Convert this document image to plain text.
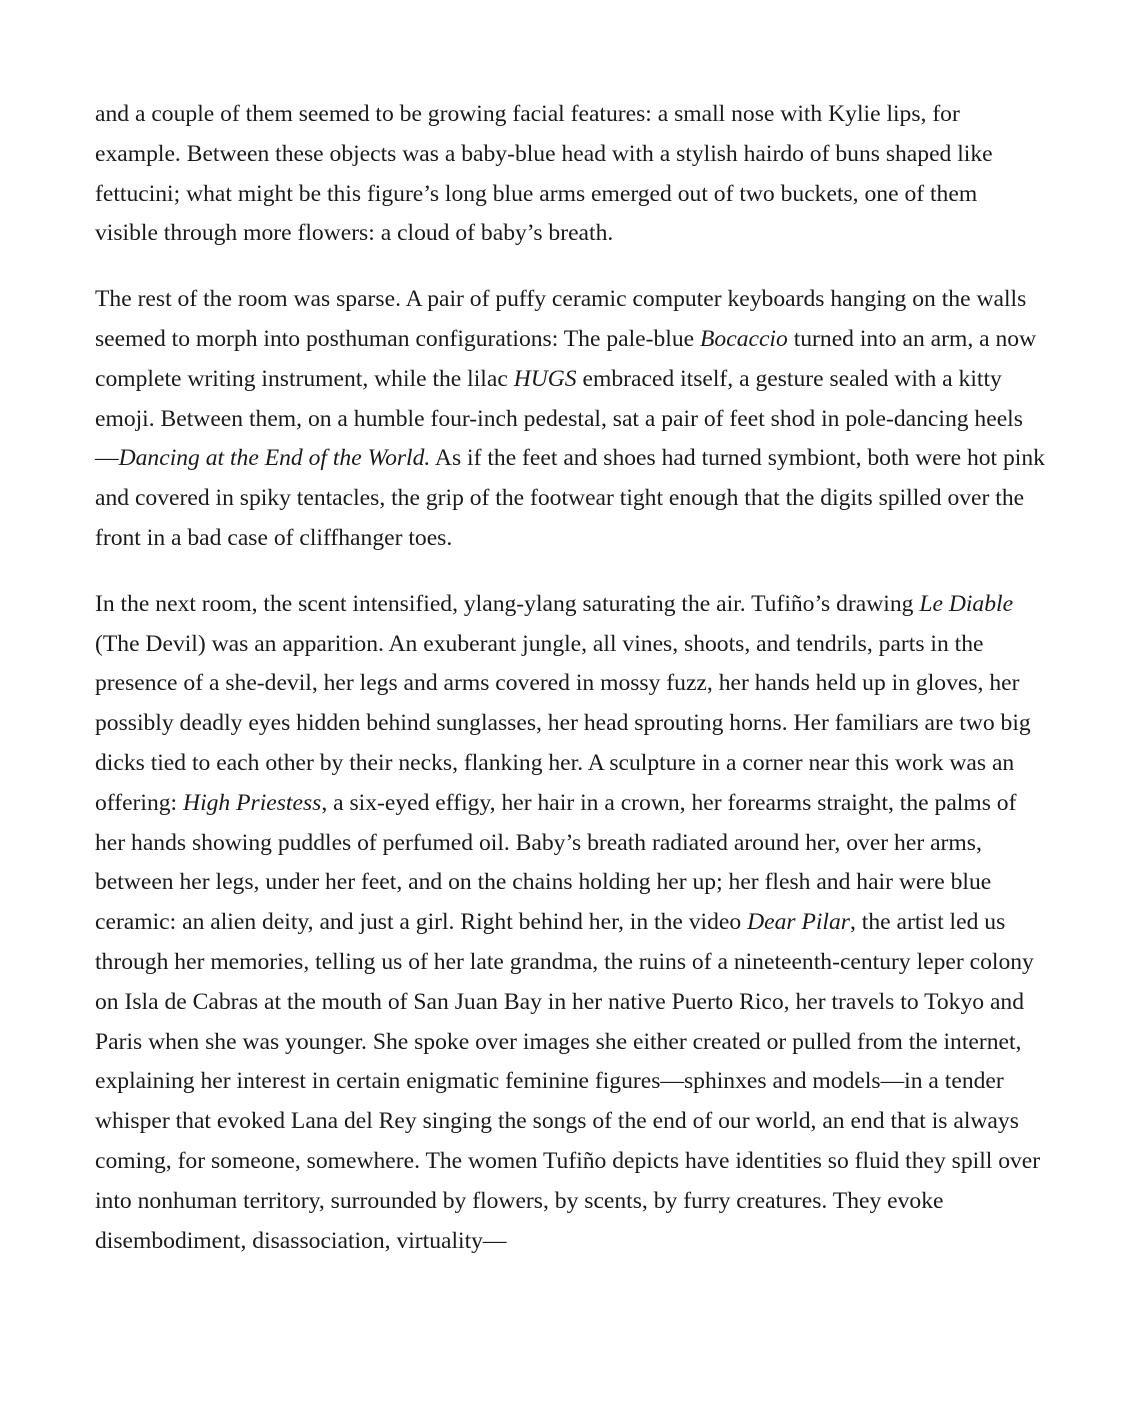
and a couple of them seemed to be growing facial features: a small nose with Kylie lips, for example. Between these objects was a baby-blue head with a stylish hairdo of buns shaped like fettucini; what might be this figure’s long blue arms emerged out of two buckets, one of them visible through more flowers: a cloud of baby’s breath.

The rest of the room was sparse. A pair of puffy ceramic computer keyboards hanging on the walls seemed to morph into posthuman configurations: The pale-blue Bocaccio turned into an arm, a now complete writing instrument, while the lilac HUGS embraced itself, a gesture sealed with a kitty emoji. Between them, on a humble four-inch pedestal, sat a pair of feet shod in pole-dancing heels—Dancing at the End of the World. As if the feet and shoes had turned symbiont, both were hot pink and covered in spiky tentacles, the grip of the footwear tight enough that the digits spilled over the front in a bad case of cliffhanger toes.

In the next room, the scent intensified, ylang-ylang saturating the air. Tufiño’s drawing Le Diable (The Devil) was an apparition. An exuberant jungle, all vines, shoots, and tendrils, parts in the presence of a she-devil, her legs and arms covered in mossy fuzz, her hands held up in gloves, her possibly deadly eyes hidden behind sunglasses, her head sprouting horns. Her familiars are two big dicks tied to each other by their necks, flanking her. A sculpture in a corner near this work was an offering: High Priestess, a six-eyed effigy, her hair in a crown, her forearms straight, the palms of her hands showing puddles of perfumed oil. Baby’s breath radiated around her, over her arms, between her legs, under her feet, and on the chains holding her up; her flesh and hair were blue ceramic: an alien deity, and just a girl. Right behind her, in the video Dear Pilar, the artist led us through her memories, telling us of her late grandma, the ruins of a nineteenth-century leper colony on Isla de Cabras at the mouth of San Juan Bay in her native Puerto Rico, her travels to Tokyo and Paris when she was younger. She spoke over images she either created or pulled from the internet, explaining her interest in certain enigmatic feminine figures—sphinxes and models—in a tender whisper that evoked Lana del Rey singing the songs of the end of our world, an end that is always coming, for someone, somewhere. The women Tufiño depicts have identities so fluid they spill over into nonhuman territory, surrounded by flowers, by scents, by furry creatures. They evoke disembodiment, disassociation, virtuality—
